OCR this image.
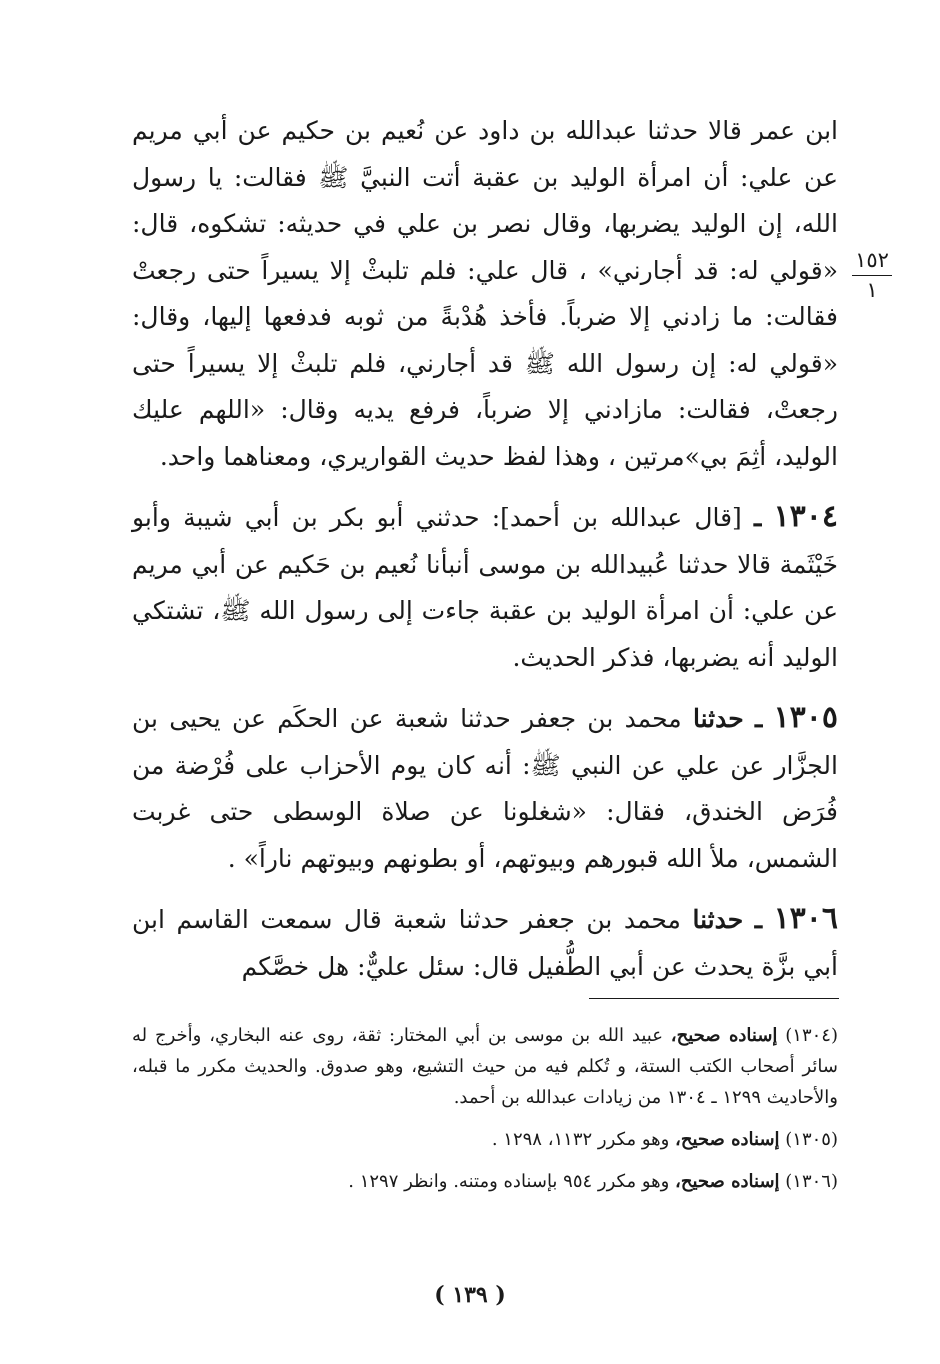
١٥٢
١

ابن عمر قالا حدثنا عبدالله بن داود عن نُعيم بن حكيم عن أبي مريم عن علي: أن امرأة الوليد بن عقبة أتت النبيَّ ﷺ فقالت: يا رسول الله، إن الوليد يضربها، وقال نصر بن علي في حديثه: تشكوه، قال: «قولي له: قد أجارني» ، قال علي: فلم تلبثْ إلا يسيراً حتى رجعتْ فقالت: ما زادني إلا ضرباً. فأخذ هُدْبةً من ثوبه فدفعها إليها، وقال: «قولي له: إن رسول الله ﷺ قد أجارني، فلم تلبثْ إلا يسيراً حتى رجعتْ، فقالت: مازادني إلا ضرباً، فرفع يديه وقال: «اللهم عليك الوليد، أثِمَ بي»مرتين ، وهذا لفظ حديث القواريري، ومعناهما واحد.

١٣٠٤ ـ [قال عبدالله بن أحمد]: حدثني أبو بكر بن أبي شيبة وأبو خَيْثَمة قالا حدثنا عُبيدالله بن موسى أنبأنا نُعيم بن حَكيم عن أبي مريم عن علي: أن امرأة الوليد بن عقبة جاءت إلى رسول الله ﷺ، تشتكي الوليد أنه يضربها، فذكر الحديث.

١٣٠٥ ـ حدثنا محمد بن جعفر حدثنا شعبة عن الحكَم عن يحيى بن الجزَّار عن علي عن النبي ﷺ: أنه كان يوم الأحزاب على فُرْضة من فُرَض الخندق، فقال: «شغلونا عن صلاة الوسطى حتى غربت الشمس، ملأ الله قبورهم وبيوتهم، أو بطونهم وبيوتهم ناراً» .

١٣٠٦ ـ حدثنا محمد بن جعفر حدثنا شعبة قال سمعت القاسم ابن أبي بزَّة يحدث عن أبي الطُّفيل قال: سئل عليٌّ: هل خصَّكم

(١٣٠٤) إسناده صحيح، عبيد الله بن موسى بن أبي المختار: ثقة، روى عنه البخاري، وأخرج له سائر أصحاب الكتب الستة، و تُكلم فيه من حيث التشيع، وهو صدوق. والحديث مكرر ما قبله، والأحاديث ١٢٩٩ ـ ١٣٠٤ من زيادات عبدالله بن أحمد.

(١٣٠٥) إسناده صحيح، وهو مكرر ١١٣٢، ١٢٩٨ .

(١٣٠٦) إسناده صحيح، وهو مكرر ٩٥٤ بإسناده ومتنه. وانظر ١٢٩٧ .

( ١٣٩ )
